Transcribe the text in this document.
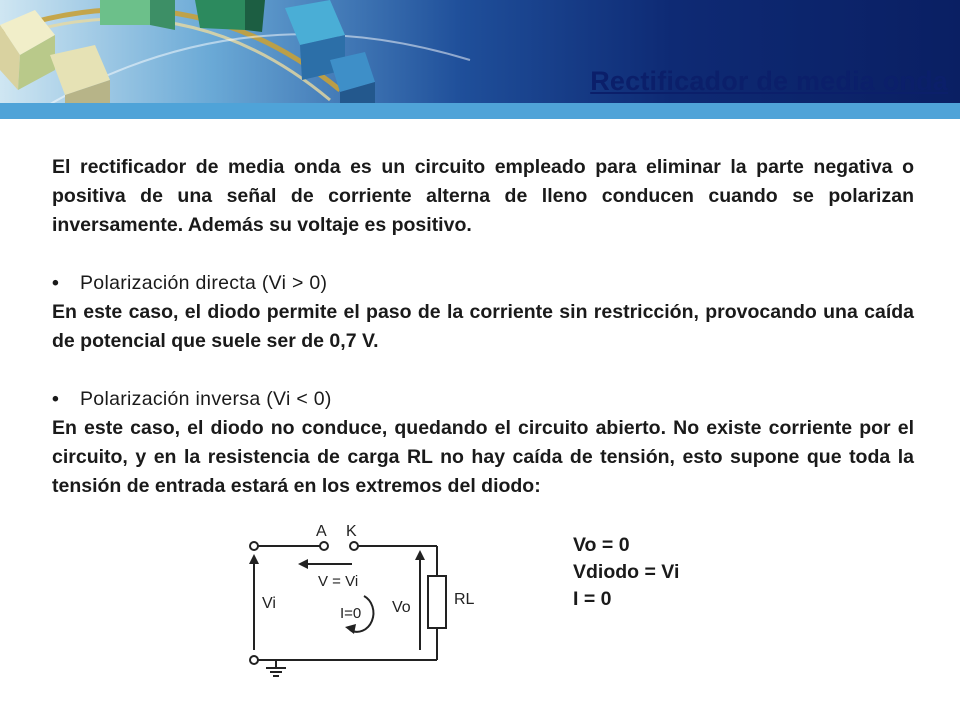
Rectificador de media onda

El rectificador de media onda es un circuito empleado para eliminar la parte negativa o positiva de una señal de corriente alterna de lleno conducen cuando se polarizan inversamente. Además su voltaje es positivo.

•	Polarización directa (Vi > 0)

En este caso, el diodo permite el paso de la corriente sin restricción, provocando una caída de potencial que suele ser de 0,7 V.

•	Polarización inversa (Vi < 0)

En este caso, el diodo no conduce, quedando el circuito abierto. No existe corriente por el circuito, y en la resistencia de carga RL no hay caída de tensión, esto supone que toda la tensión de entrada estará en los extremos del diodo:

A K
V = Vi
Vi
I=0 Vo	RL
Vo = 0
Vdiodo = Vi
I = 0
